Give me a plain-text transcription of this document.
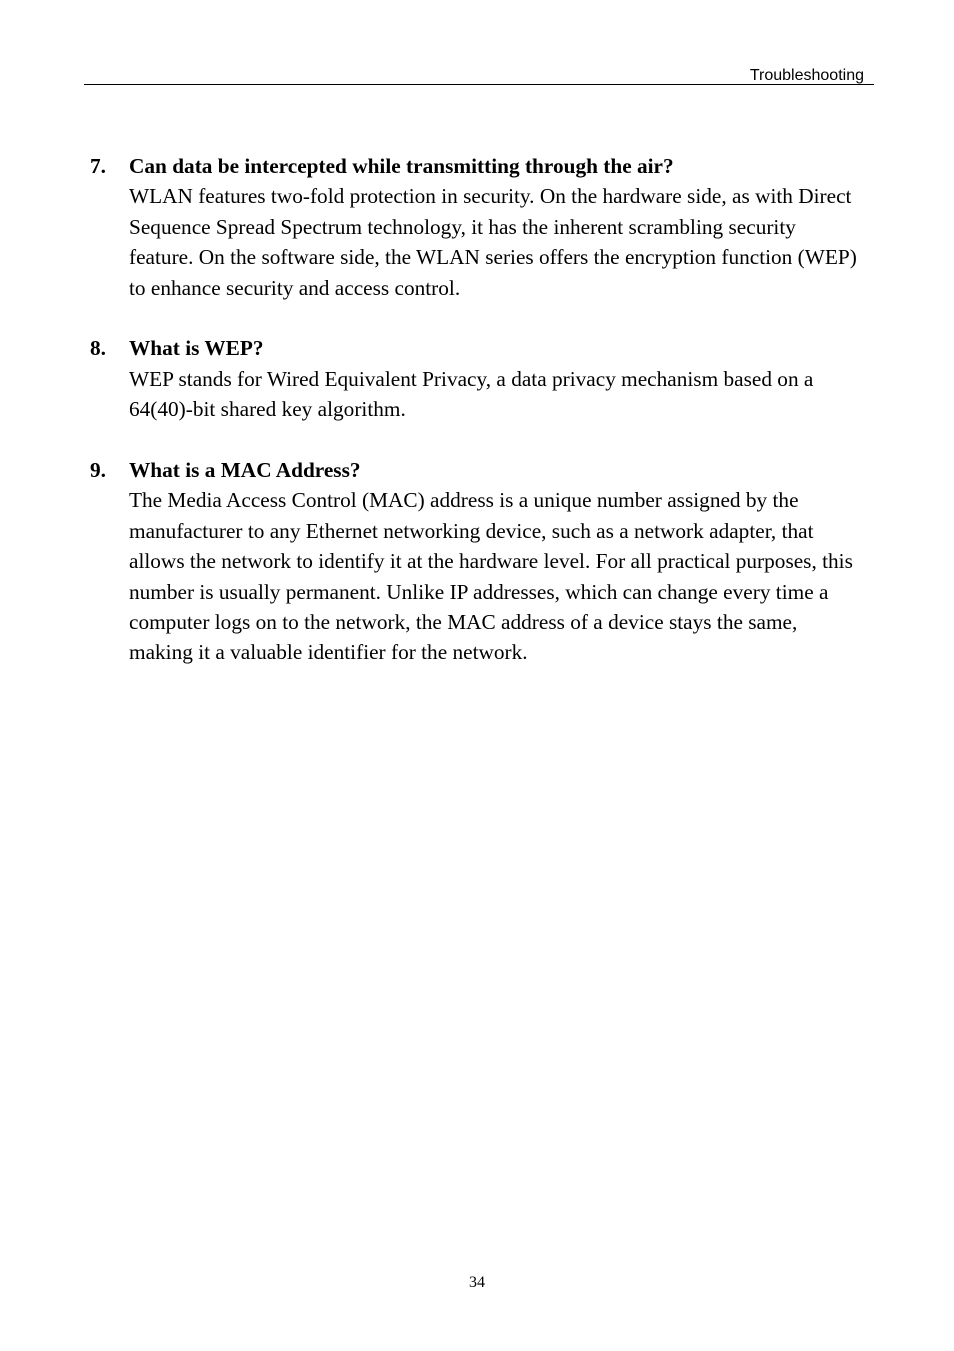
Troubleshooting
7. Can data be intercepted while transmitting through the air?
WLAN features two-fold protection in security. On the hardware side, as with Direct Sequence Spread Spectrum technology, it has the inherent scrambling security feature. On the software side, the WLAN series offers the encryption function (WEP) to enhance security and access control.
8. What is WEP?
WEP stands for Wired Equivalent Privacy, a data privacy mechanism based on a 64(40)-bit shared key algorithm.
9. What is a MAC Address?
The Media Access Control (MAC) address is a unique number assigned by the manufacturer to any Ethernet networking device, such as a network adapter, that allows the network to identify it at the hardware level. For all practical purposes, this number is usually permanent. Unlike IP addresses, which can change every time a computer logs on to the network, the MAC address of a device stays the same, making it a valuable identifier for the network.
34
